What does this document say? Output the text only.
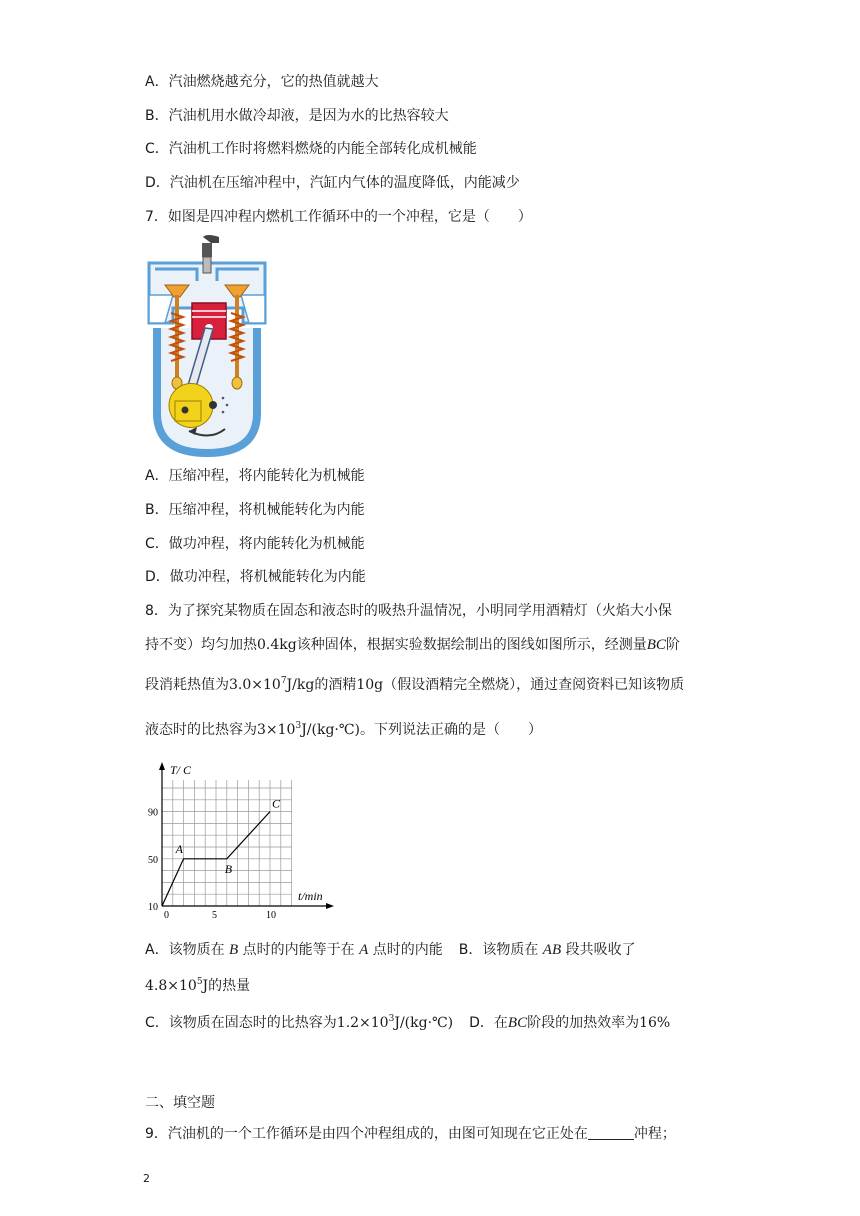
A．汽油燃烧越充分，它的热值就越大
B．汽油机用水做冷却液，是因为水的比热容较大
C．汽油机工作时将燃料燃烧的内能全部转化成机械能
D．汽油机在压缩冲程中，汽缸内气体的温度降低，内能减少
7．如图是四冲程内燃机工作循环中的一个冲程，它是（　　）
A．压缩冲程，将内能转化为机械能
B．压缩冲程，将机械能转化为内能
C．做功冲程，将内能转化为机械能
D．做功冲程，将机械能转化为内能
8．为了探究某物质在固态和液态时的吸热升温情况，小明同学用酒精灯（火焰大小保
持不变）均匀加热0.4kg该种固体，根据实验数据绘制出的图线如图所示，经测量BC阶
段消耗热值为$3.0\times 10^7J/kg$的酒精10g（假设酒精完全燃烧），通过查阅资料已知该物质
液态时的比热容为$3\times 10^3J/(kg\cdot℃)$。下列说法正确的是（　　）
5	10
10
50
90
0
A
B
C
T/ C
t/min
A．该物质在 B 点时的内能等于在 A 点时的内能 B．该物质在 AB 段共吸收了
$4.8\times 10^5J$的热量
C．该物质在固态时的比热容为$1.2\times 10^3J/(kg\cdot℃)$ D．在BC阶段的加热效率为16%
二、填空题
9．汽油机的一个工作循环是由四个冲程组成的，由图可知现在它正处在	冲程；
2
